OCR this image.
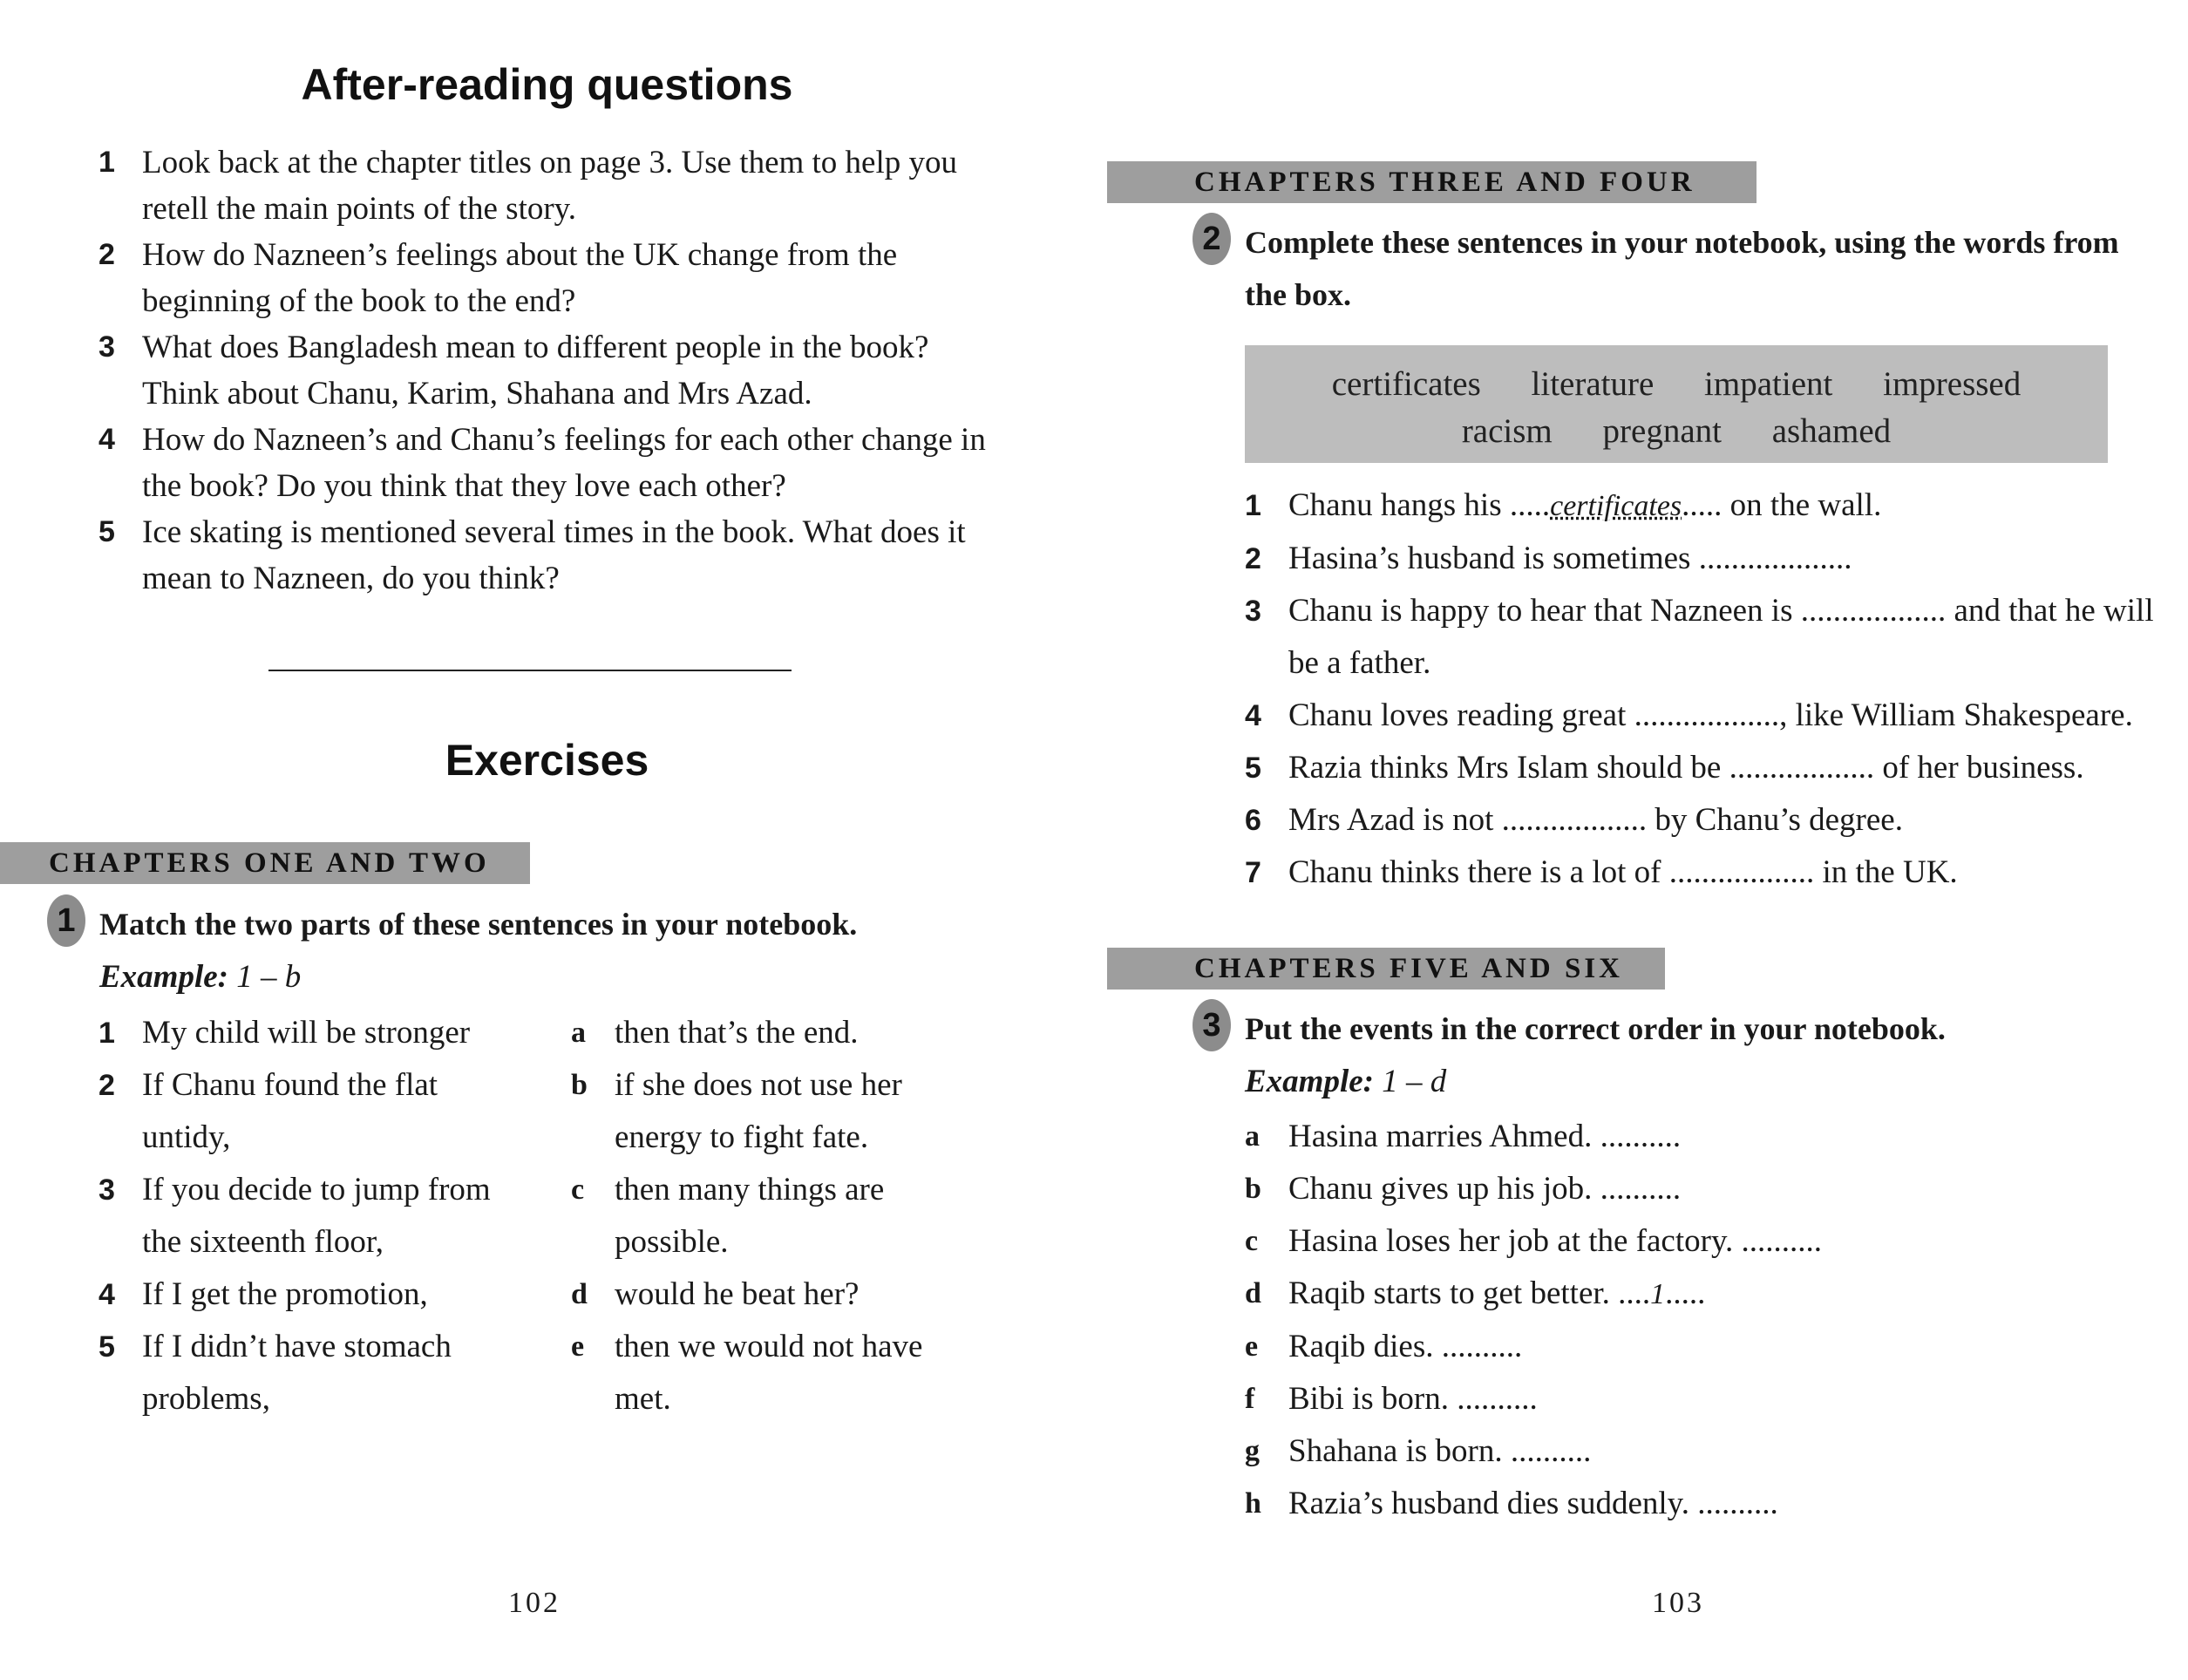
After-reading questions
1 Look back at the chapter titles on page 3. Use them to help you retell the main points of the story.
2 How do Nazneen’s feelings about the UK change from the beginning of the book to the end?
3 What does Bangladesh mean to different people in the book? Think about Chanu, Karim, Shahana and Mrs Azad.
4 How do Nazneen’s and Chanu’s feelings for each other change in the book? Do you think that they love each other?
5 Ice skating is mentioned several times in the book. What does it mean to Nazneen, do you think?
Exercises
CHAPTERS ONE AND TWO
1 Match the two parts of these sentences in your notebook.
Example: 1 – b
1 My child will be stronger
2 If Chanu found the flat untidy,
3 If you decide to jump from the sixteenth floor,
4 If I get the promotion,
5 If I didn’t have stomach problems,
a then that’s the end.
b if she does not use her energy to fight fate.
c then many things are possible.
d would he beat her?
e then we would not have met.
102
CHAPTERS THREE AND FOUR
2 Complete these sentences in your notebook, using the words from the box.
certificates literature impatient impressed
racism pregnant ashamed
1 Chanu hangs his .....certificates..... on the wall.
2 Hasina’s husband is sometimes ...................
3 Chanu is happy to hear that Nazneen is .................. and that he will be a father.
4 Chanu loves reading great .................., like William Shakespeare.
5 Razia thinks Mrs Islam should be .................. of her business.
6 Mrs Azad is not .................. by Chanu’s degree.
7 Chanu thinks there is a lot of .................. in the UK.
CHAPTERS FIVE AND SIX
3 Put the events in the correct order in your notebook.
Example: 1 – d
a Hasina marries Ahmed. ..........
b Chanu gives up his job. ..........
c Hasina loses her job at the factory. ..........
d Raqib starts to get better. ....1.....
e Raqib dies. ..........
f Bibi is born. ..........
g Shahana is born. ..........
h Razia’s husband dies suddenly. ..........
103
